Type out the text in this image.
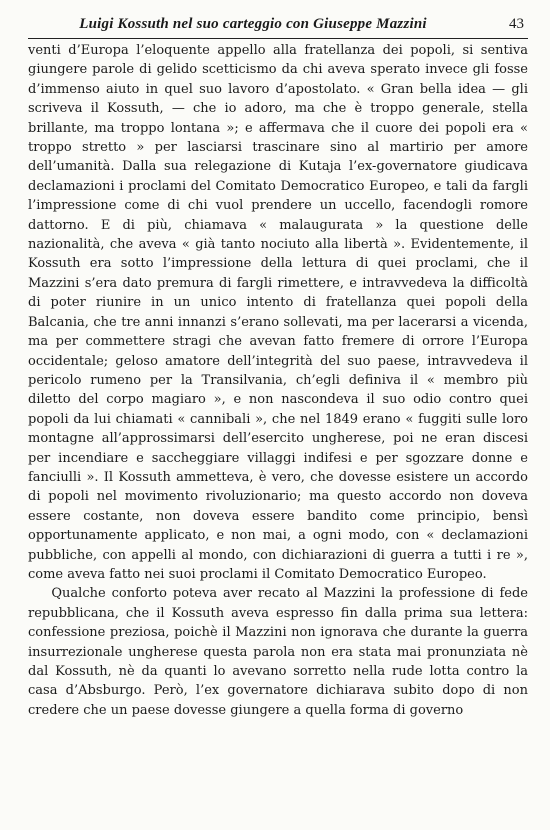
Luigi Kossuth nel suo carteggio con Giuseppe Mazzini	43

venti d’Europa l’eloquente appello alla fratellanza dei popoli, si sentiva giungere parole di gelido scetticismo da chi aveva sperato invece gli fosse d’immenso aiuto in quel suo lavoro d’apostolato. « Gran bella idea — gli scriveva il Kossuth, — che io adoro, ma che è troppo generale, stella brillante, ma troppo lontana »; e affermava che il cuore dei popoli era « troppo stretto » per lasciarsi trascinare sino al martirio per amore dell’umanità. Dalla sua relegazione di Kutaja l’ex-governatore giudicava declamazioni i proclami del Comitato Democratico Europeo, e tali da fargli l’impressione come di chi vuol prendere un uccello, facendogli romore dattorno. E di più, chiamava « malaugurata » la questione delle nazionalità, che aveva « già tanto nociuto alla libertà ». Evidentemente, il Kossuth era sotto l’impressione della lettura di quei proclami, che il Mazzini s’era dato premura di fargli rimettere, e intravvedeva la difficoltà di poter riunire in un unico intento di fratellanza quei popoli della Balcania, che tre anni innanzi s’erano sollevati, ma per lacerarsi a vicenda, ma per commettere stragi che avevan fatto fremere di orrore l’Europa occidentale; geloso amatore dell’integrità del suo paese, intravvedeva il pericolo rumeno per la Transilvania, ch’egli definiva il « membro più diletto del corpo magiaro », e non nascondeva il suo odio contro quei popoli da lui chiamati « cannibali », che nel 1849 erano « fuggiti sulle loro montagne all’approssimarsi dell’esercito ungherese, poi ne eran discesi per incendiare e saccheggiare villaggi indifesi e per sgozzare donne e fanciulli ». Il Kossuth ammetteva, è vero, che dovesse esistere un accordo di popoli nel movimento rivoluzionario; ma questo accordo non doveva essere costante, non doveva essere bandito come principio, bensì opportunamente applicato, e non mai, a ogni modo, con « declamazioni pubbliche, con appelli al mondo, con dichiarazioni di guerra a tutti i re », come aveva fatto nei suoi proclami il Comitato Democratico Europeo.

Qualche conforto poteva aver recato al Mazzini la professione di fede repubblicana, che il Kossuth aveva espresso fin dalla prima sua lettera: confessione preziosa, poichè il Mazzini non ignorava che durante la guerra insurrezionale ungherese questa parola non era stata mai pronunziata nè dal Kossuth, nè da quanti lo avevano sorretto nella rude lotta contro la casa d’Absburgo. Però, l’ex governatore dichiarava subito dopo di non credere che un paese dovesse giungere a quella forma di governo
